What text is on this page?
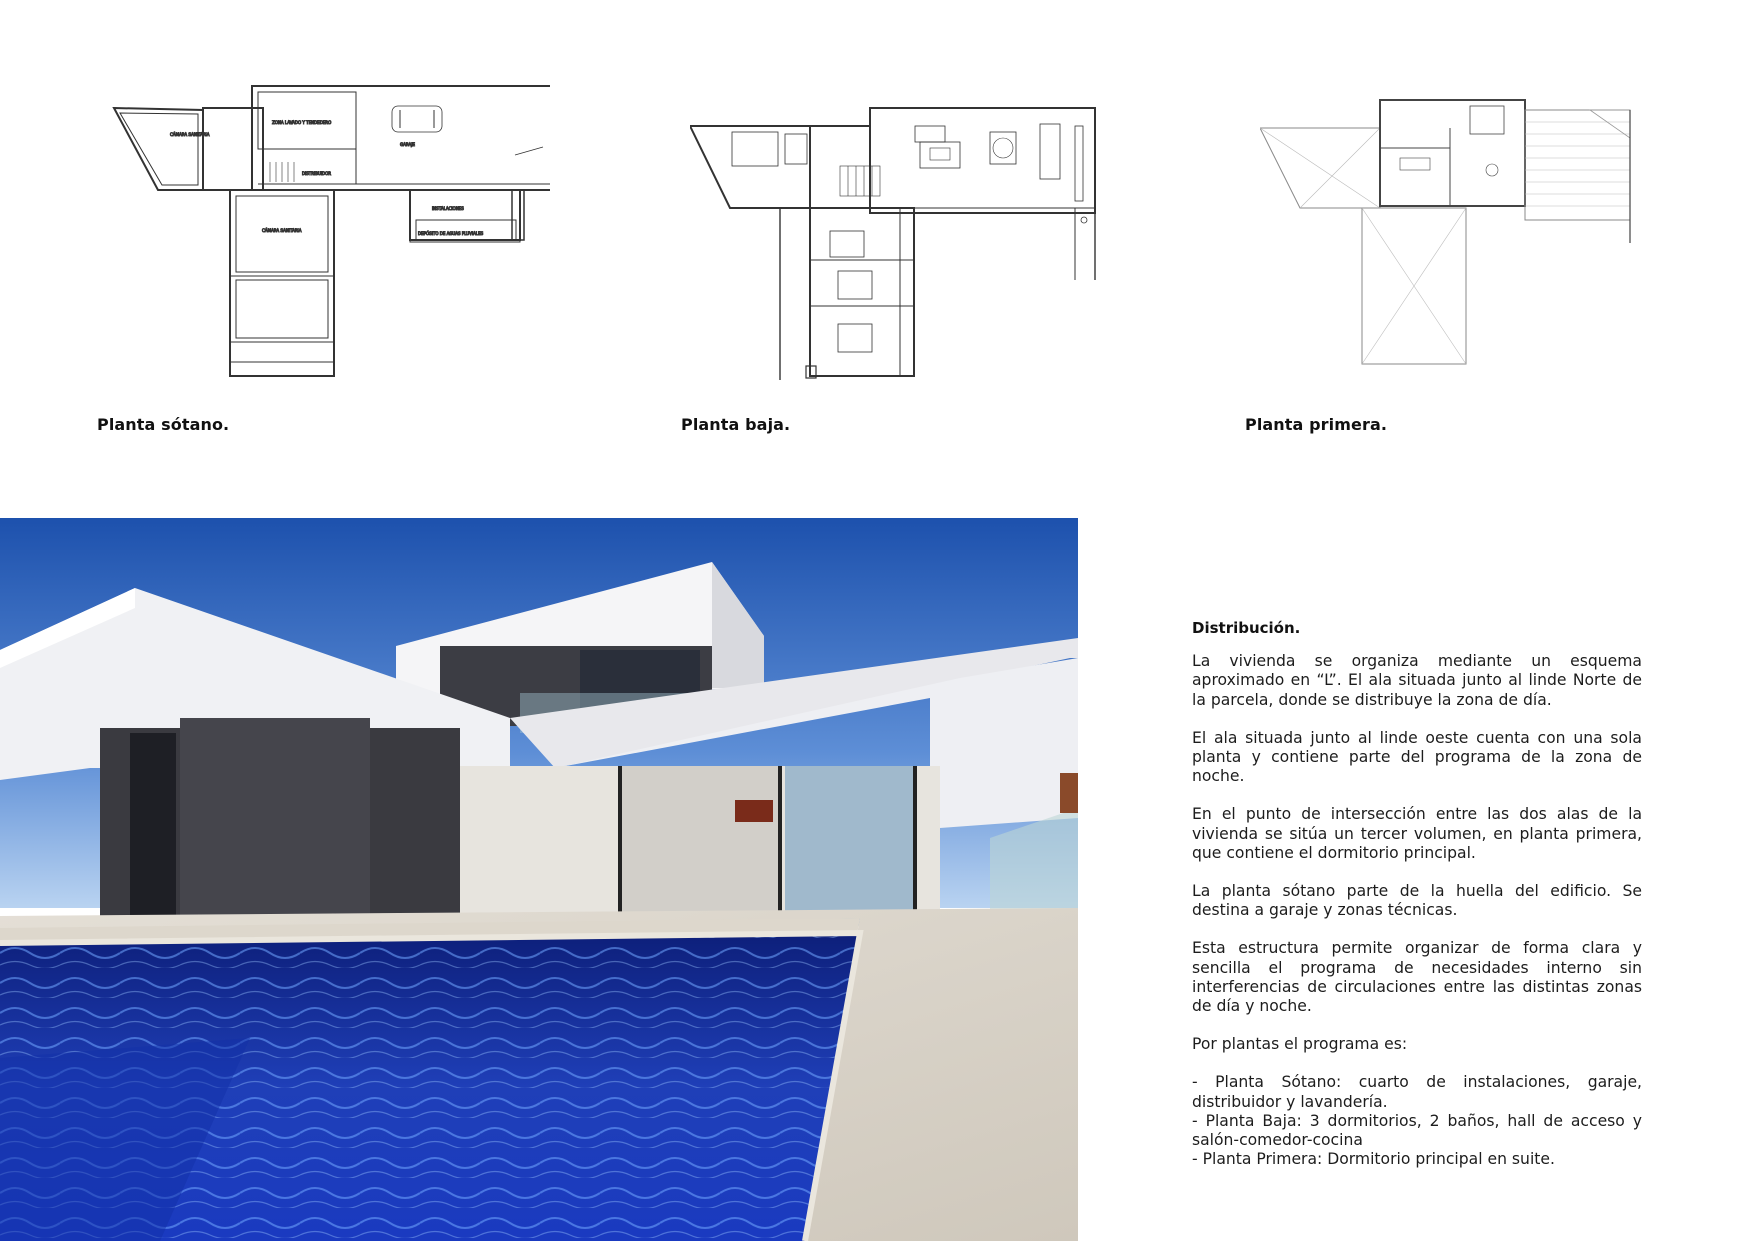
CÁMARA SANITARIA
ZONA LAVADO Y TENDEDERO
DISTRIBUIDOR
GARAJE
CÁMARA SANITARIA
INSTALACIONES
DEPÓSITO DE AGUAS PLUVIALES
Planta sótano.	Planta baja.	Planta primera.
Distribución.

La vivienda se organiza mediante un esquema aproximado en “L”. El ala situada junto al linde Norte de la parcela, donde se distribuye la zona de día.

El ala situada junto al linde oeste cuenta con una sola planta y contiene parte del programa de la zona de noche.

En el punto de intersección entre las dos alas de la vivienda se sitúa un tercer volumen, en planta primera, que contiene el dormitorio principal.

La planta sótano parte de la huella del edificio. Se destina a garaje y zonas técnicas.

Esta estructura permite organizar de forma clara y sencilla el programa de necesidades interno sin interferencias de circulaciones entre las distintas zonas de día y noche.

Por plantas el programa es:

- Planta Sótano: cuarto de instalaciones, garaje, distribuidor y lavandería.

- Planta Baja: 3 dormitorios, 2 baños, hall de acceso y salón-comedor-cocina

- Planta Primera: Dormitorio principal en suite.
